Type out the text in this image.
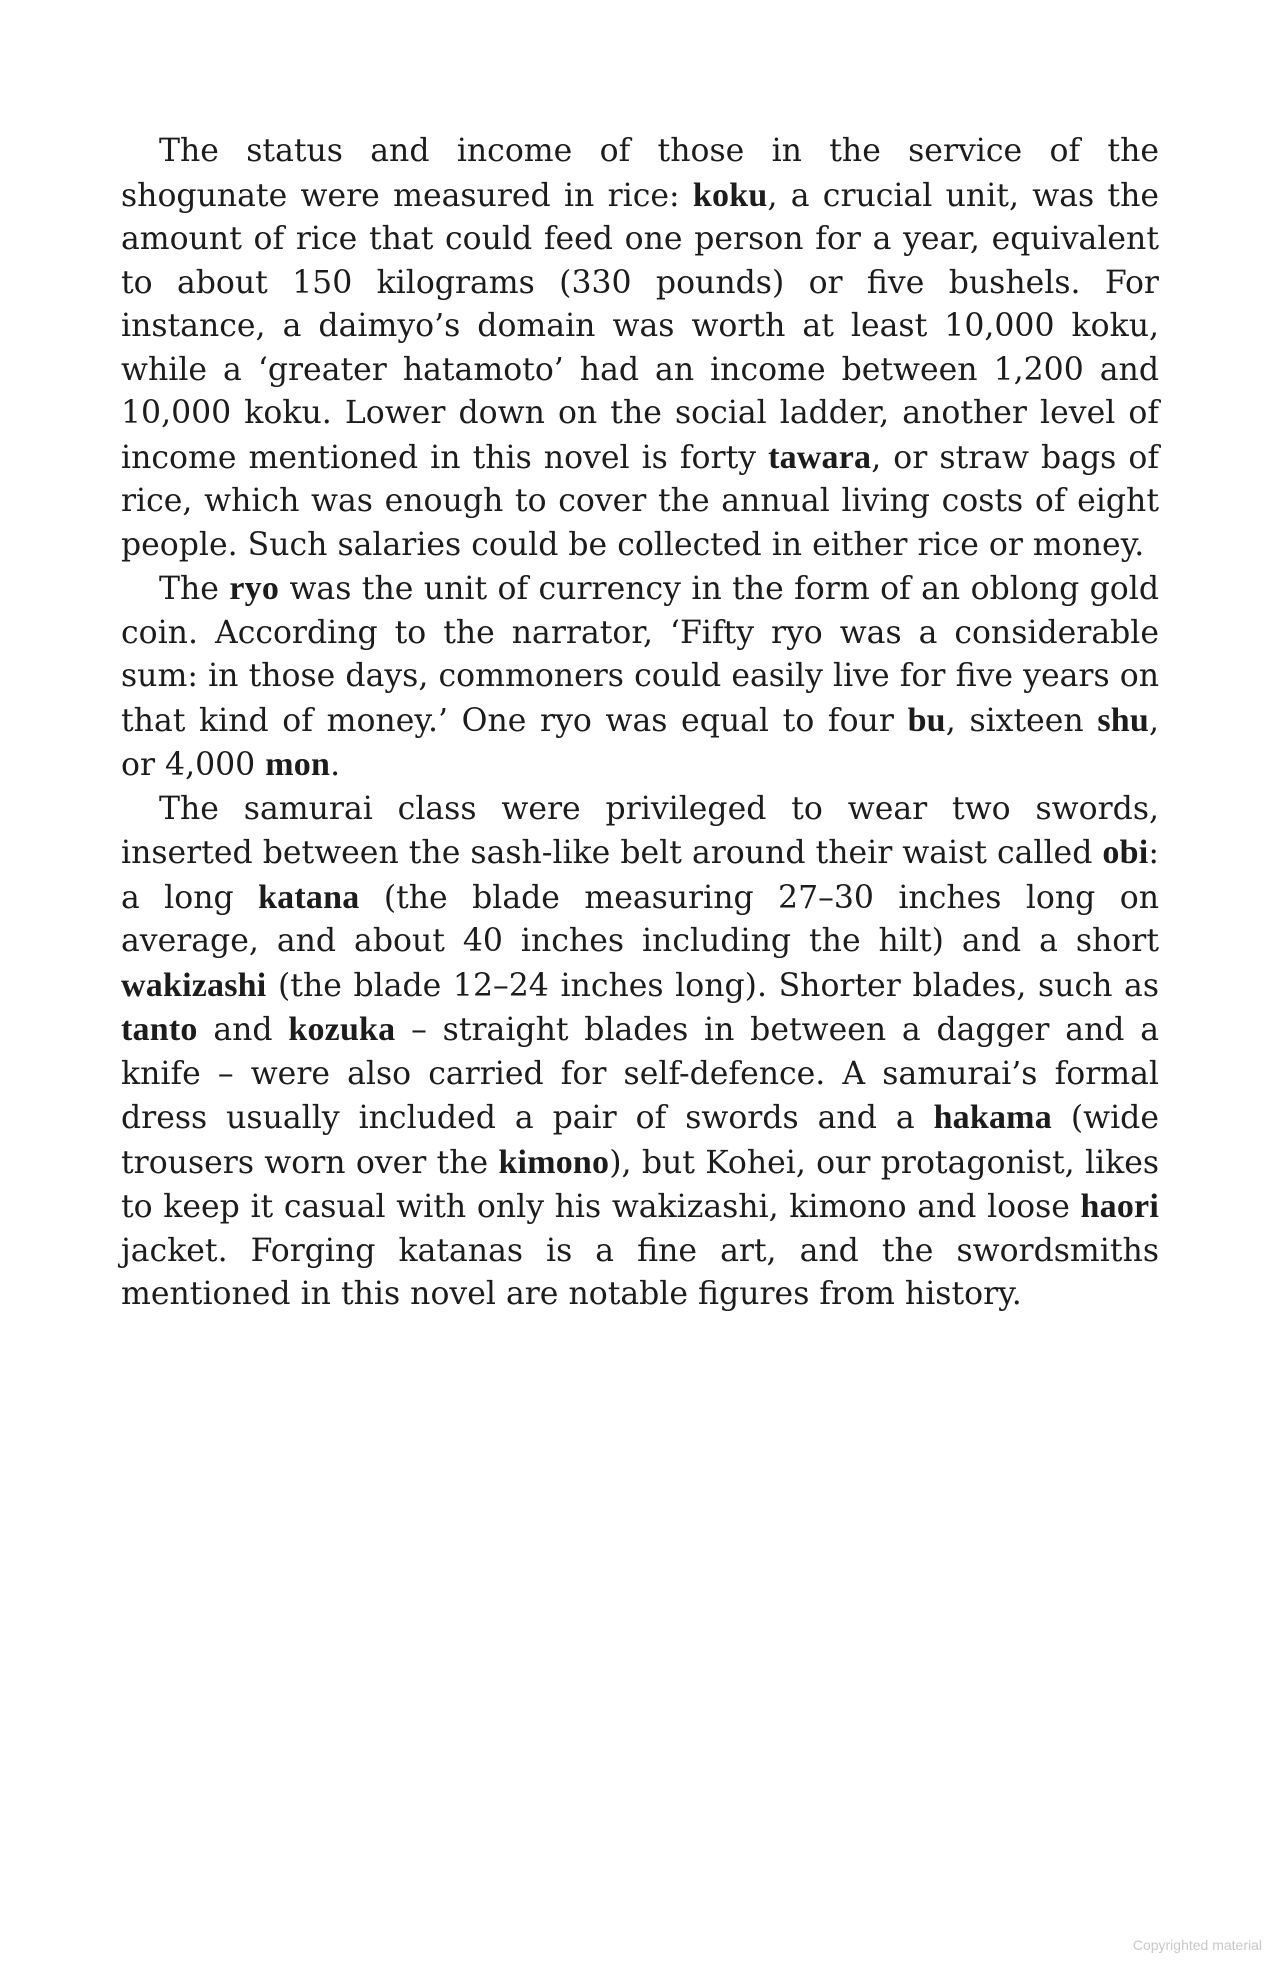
The status and income of those in the service of the shogunate were measured in rice: koku, a crucial unit, was the amount of rice that could feed one person for a year, equivalent to about 150 kilograms (330 pounds) or five bushels. For instance, a daimyo’s domain was worth at least 10,000 koku, while a ‘greater hatamoto’ had an income between 1,200 and 10,000 koku. Lower down on the social ladder, another level of income mentioned in this novel is forty tawara, or straw bags of rice, which was enough to cover the annual living costs of eight people. Such salaries could be collected in either rice or money.

The ryo was the unit of currency in the form of an oblong gold coin. According to the narrator, ‘Fifty ryo was a considerable sum: in those days, commoners could easily live for five years on that kind of money.’ One ryo was equal to four bu, sixteen shu, or 4,000 mon.

The samurai class were privileged to wear two swords, inserted between the sash-like belt around their waist called obi: a long katana (the blade measuring 27–30 inches long on average, and about 40 inches including the hilt) and a short wakizashi (the blade 12–24 inches long). Shorter blades, such as tanto and kozuka – straight blades in between a dagger and a knife – were also carried for self-defence. A samurai’s formal dress usually included a pair of swords and a hakama (wide trousers worn over the kimono), but Kohei, our protagonist, likes to keep it casual with only his wakizashi, kimono and loose haori jacket. Forging katanas is a fine art, and the swordsmiths mentioned in this novel are notable figures from history.

Copyrighted material
